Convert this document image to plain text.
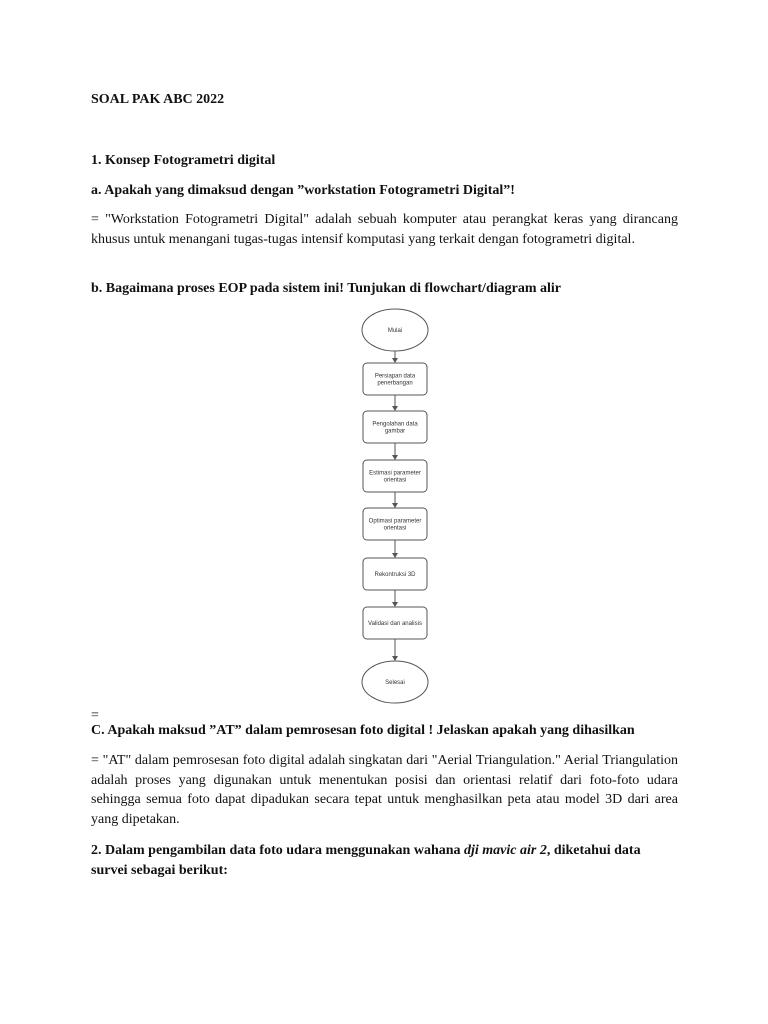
SOAL PAK ABC 2022

1. Konsep Fotogrametri digital

a. Apakah yang dimaksud dengan ”workstation Fotogrametri Digital”!

= "Workstation Fotogrametri Digital" adalah sebuah komputer atau perangkat keras yang dirancang khusus untuk menangani tugas-tugas intensif komputasi yang terkait dengan fotogrametri digital.

b. Bagaimana proses EOP pada sistem ini! Tunjukan di flowchart/diagram alir

Mulai
Persiapan data penerbangan
Pengolahan data gambar
Estimasi parameter orientasi
Optimasi parameter orientasi
Rekontruksi 3D
Validasi dan analisis
Selesai

=

C. Apakah maksud ”AT” dalam pemrosesan foto digital ! Jelaskan apakah yang dihasilkan

= "AT" dalam pemrosesan foto digital adalah singkatan dari "Aerial Triangulation." Aerial Triangulation adalah proses yang digunakan untuk menentukan posisi dan orientasi relatif dari foto-foto udara sehingga semua foto dapat dipadukan secara tepat untuk menghasilkan peta atau model 3D dari area yang dipetakan.

2. Dalam pengambilan data foto udara menggunakan wahana dji mavic air 2, diketahui data survei sebagai berikut:
